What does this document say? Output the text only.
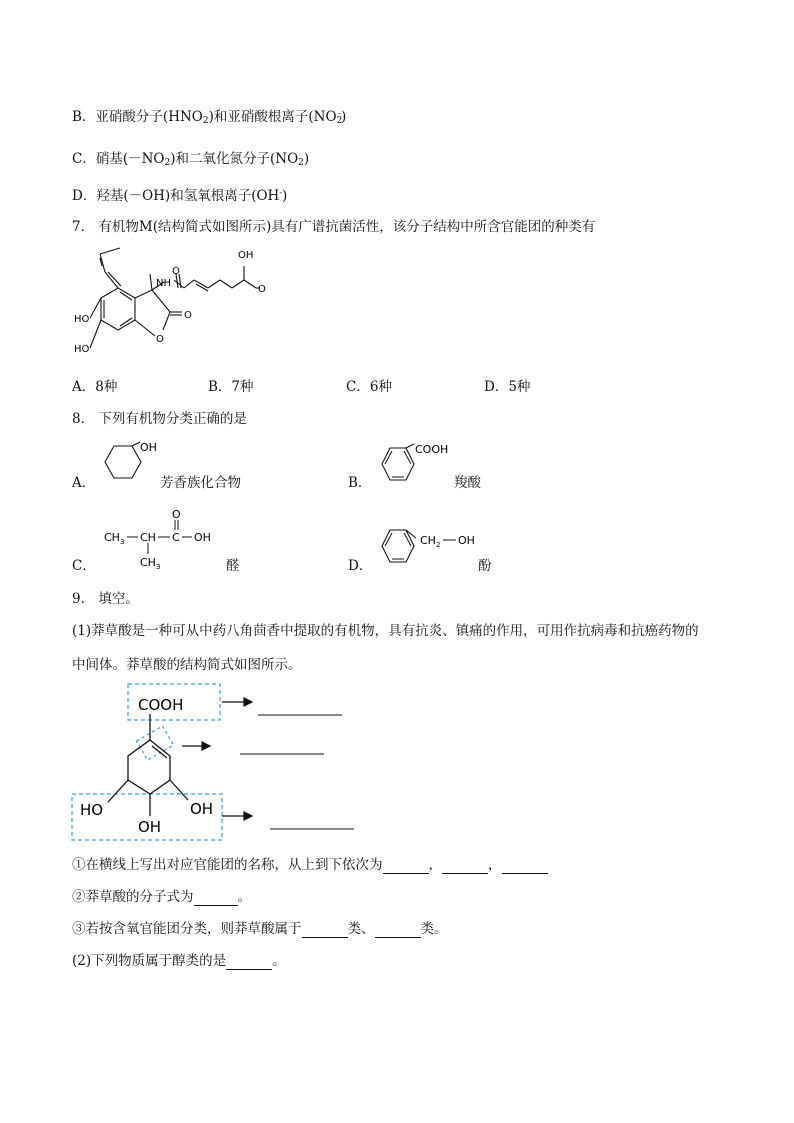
B．亚硝酸分子(HNO2)和亚硝酸根离子(NO2-)
C．硝基(－NO2)和二氧化氮分子(NO2)
D．羟基(－OH)和氢氧根离子(OH-)
7． 有机物M(结构简式如图所示)具有广谱抗菌活性，该分子结构中所含官能团的种类有
OH
NH
HO
HO
O
O
O
O
A．8种	B．7种	C．6种	D．5种
8． 下列有机物分类正确的是
A．
OH
芳香族化合物	B．
COOH
羧酸
C．
CH 3 CH C OH
O
CH 3	醛	D．
CH 2 OH
酚
9． 填空。
(1)莽草酸是一种可从中药八角茴香中提取的有机物，具有抗炎、镇痛的作用，可用作抗病毒和抗癌药物的
中间体。莽草酸的结构简式如图所示。
COOH
HO	OH
OH
①在横线上写出对应官能团的名称，从上到下依次为	，	，
②莽草酸的分子式为	。
③若按含氧官能团分类，则莽草酸属于	类、	类。
(2)下列物质属于醇类的是	。
